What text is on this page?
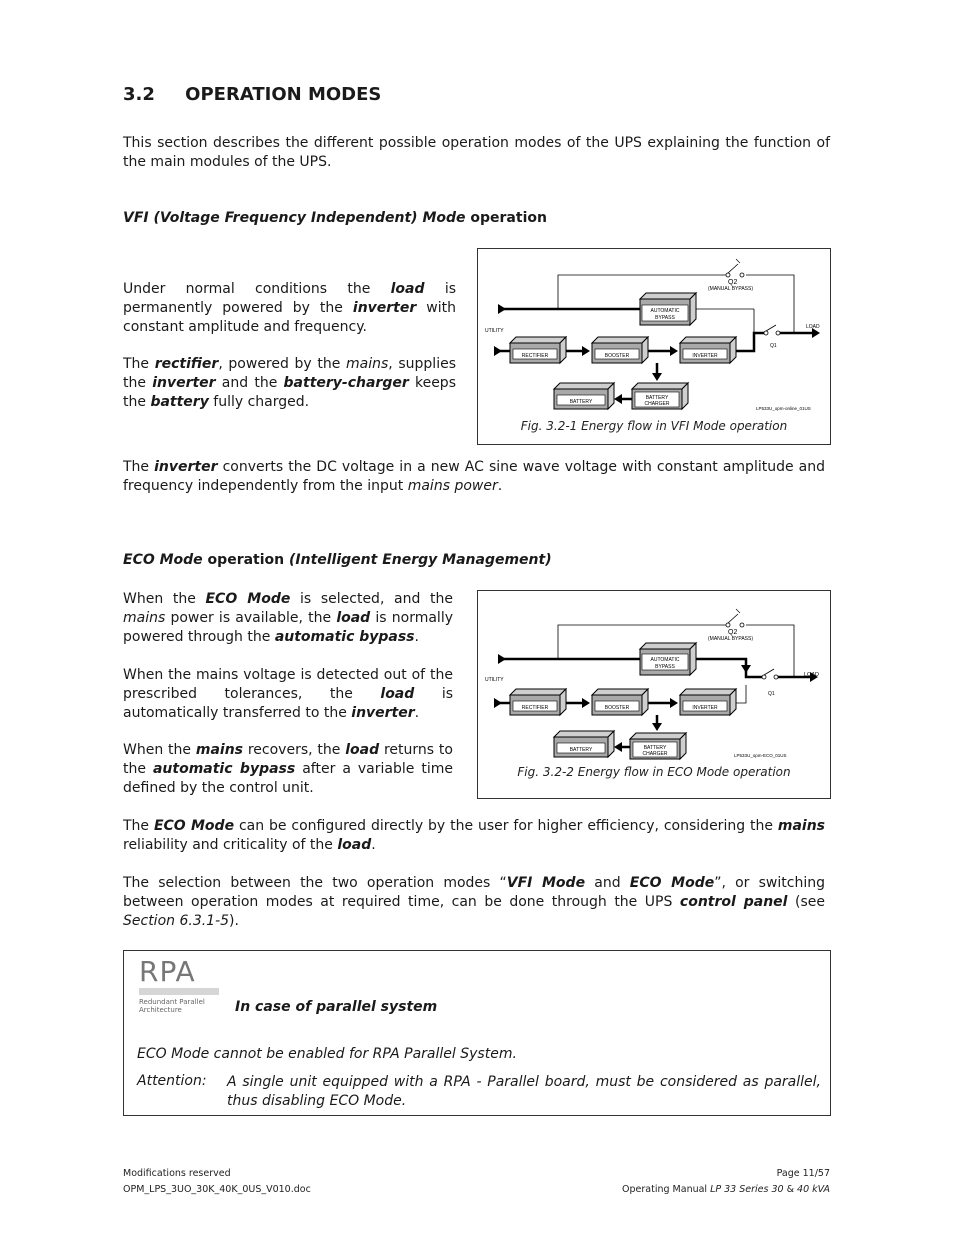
3.2 OPERATION MODES
This section describes the different possible operation modes of the UPS explaining the function of the main modules of the UPS.
VFI (Voltage Frequency Independent) Mode operation
Under normal conditions the load is permanently powered by the inverter with constant amplitude and frequency.
The rectifier, powered by the mains, supplies the inverter and the battery-charger keeps the battery fully charged.
Q2
(MANUAL BYPASS)
AUTOMATIC
BYPASS
UTILITY
RECTIFIER	BOOSTER	INVERTER
Q1
LOAD
BATTERY
CHARGER
BATTERY
LP533U_opm-online_01US
Fig. 3.2-1 Energy flow in VFI Mode operation
The inverter converts the DC voltage in a new AC sine wave voltage with constant amplitude and frequency independently from the input mains power.
ECO Mode operation (Intelligent Energy Management)
When the ECO Mode is selected, and the mains power is available, the load is normally powered through the automatic bypass.
When the mains voltage is detected out of the prescribed tolerances, the load is automatically transferred to the inverter.
When the mains recovers, the load returns to the automatic bypass after a variable time defined by the control unit.
Q2
(MANUAL BYPASS)
AUTOMATIC
BYPASS
UTILITY
RECTIFIER	BOOSTER	INVERTER
Q1
LOAD
BATTERY
CHARGER
BATTERY
LP533U_opm-ECO_01US
Fig. 3.2-2 Energy flow in ECO Mode operation
The ECO Mode can be configured directly by the user for higher efficiency, considering the mains reliability and criticality of the load.
The selection between the two operation modes “VFI Mode and ECO Mode”, or switching between operation modes at required time, can be done through the UPS control panel (see Section 6.3.1-5).
RPA
Redundant Parallel
Architecture	In case of parallel system
ECO Mode cannot be enabled for RPA Parallel System.
Attention: A single unit equipped with a RPA - Parallel board, must be considered as parallel, thus disabling ECO Mode.
Modifications reserved
OPM_LPS_3UO_30K_40K_0US_V010.doc
Page 11/57
Operating Manual LP 33 Series 30 & 40 kVA
